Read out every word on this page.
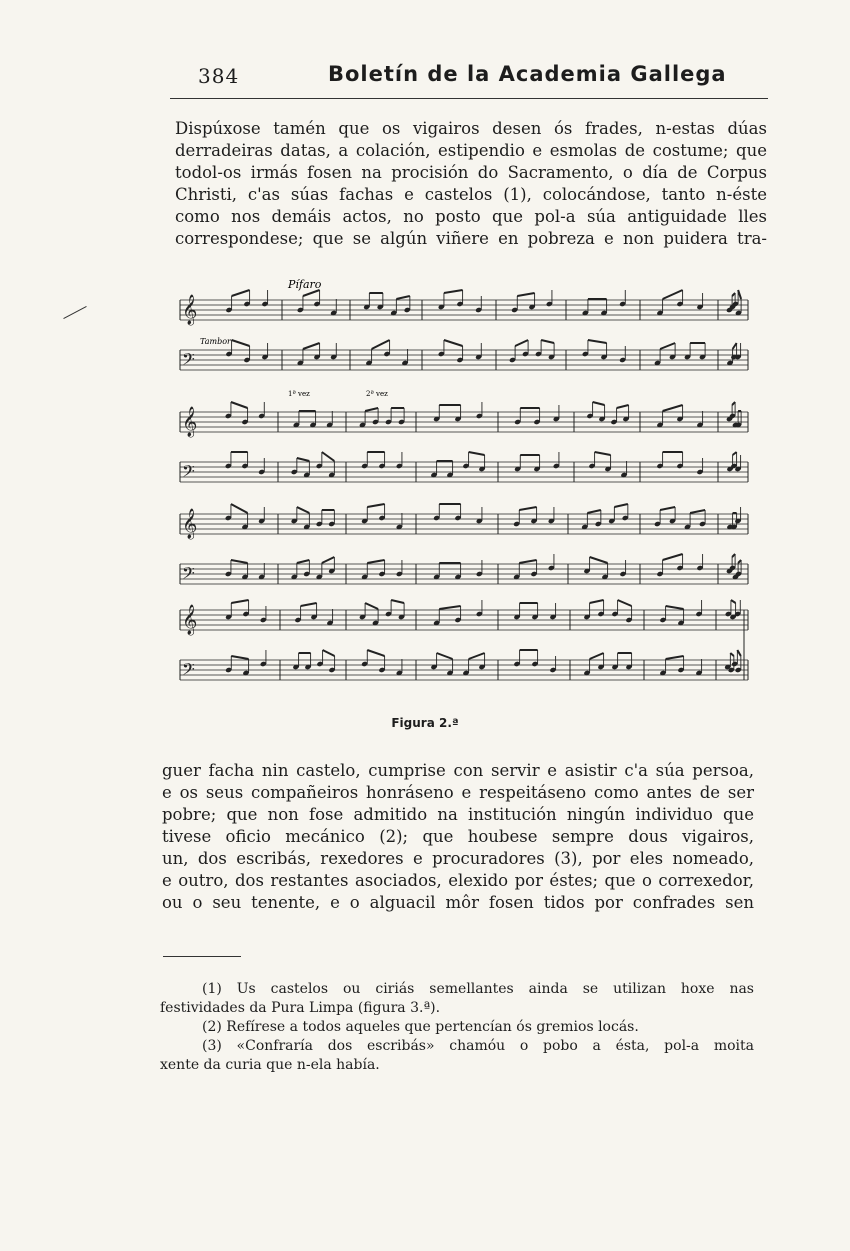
384	Boletín de la Academia Gallega
Dispúxose tamén que os vigairos desen ós frades, n-estas dúas
derradeiras datas, a colación, estipendio e esmolas de costume; que
todol-os irmás fosen na procisión do Sacramento, o día de Corpus
Christi, c'as súas fachas e castelos (1), colocándose, tanto n-éste
como nos demáis actos, no posto que pol-a súa antiguidade lles
correspondese; que se algún viñere en pobreza e non puidera tra-
𝄞
𝄢
𝄞
𝄢
𝄞
𝄢
𝄞
𝄢
Pífaro
Tambor
1ª vez	2ª vez
Figura 2.ª
guer facha nin castelo, cumprise con servir e asistir c'a súa persoa,
e os seus compañeiros honráseno e respeitáseno como antes de ser
pobre; que non fose admitido na institución ningún individuo que
tivese oficio mecánico (2); que houbese sempre dous vigairos,
un, dos escribás, rexedores e procuradores (3), por eles nomeado,
e outro, dos restantes asociados, elexido por éstes; que o correxedor,
ou o seu tenente, e o alguacil môr fosen tidos por confrades sen
(1) Us castelos ou ciriás semellantes ainda se utilizan hoxe nas
festividades da Pura Limpa (figura 3.ª).
(2) Refírese a todos aqueles que pertencían ós gremios locás.
(3) «Confraría dos escribás» chamóu o pobo a ésta, pol-a moita
xente da curia que n-ela había.
